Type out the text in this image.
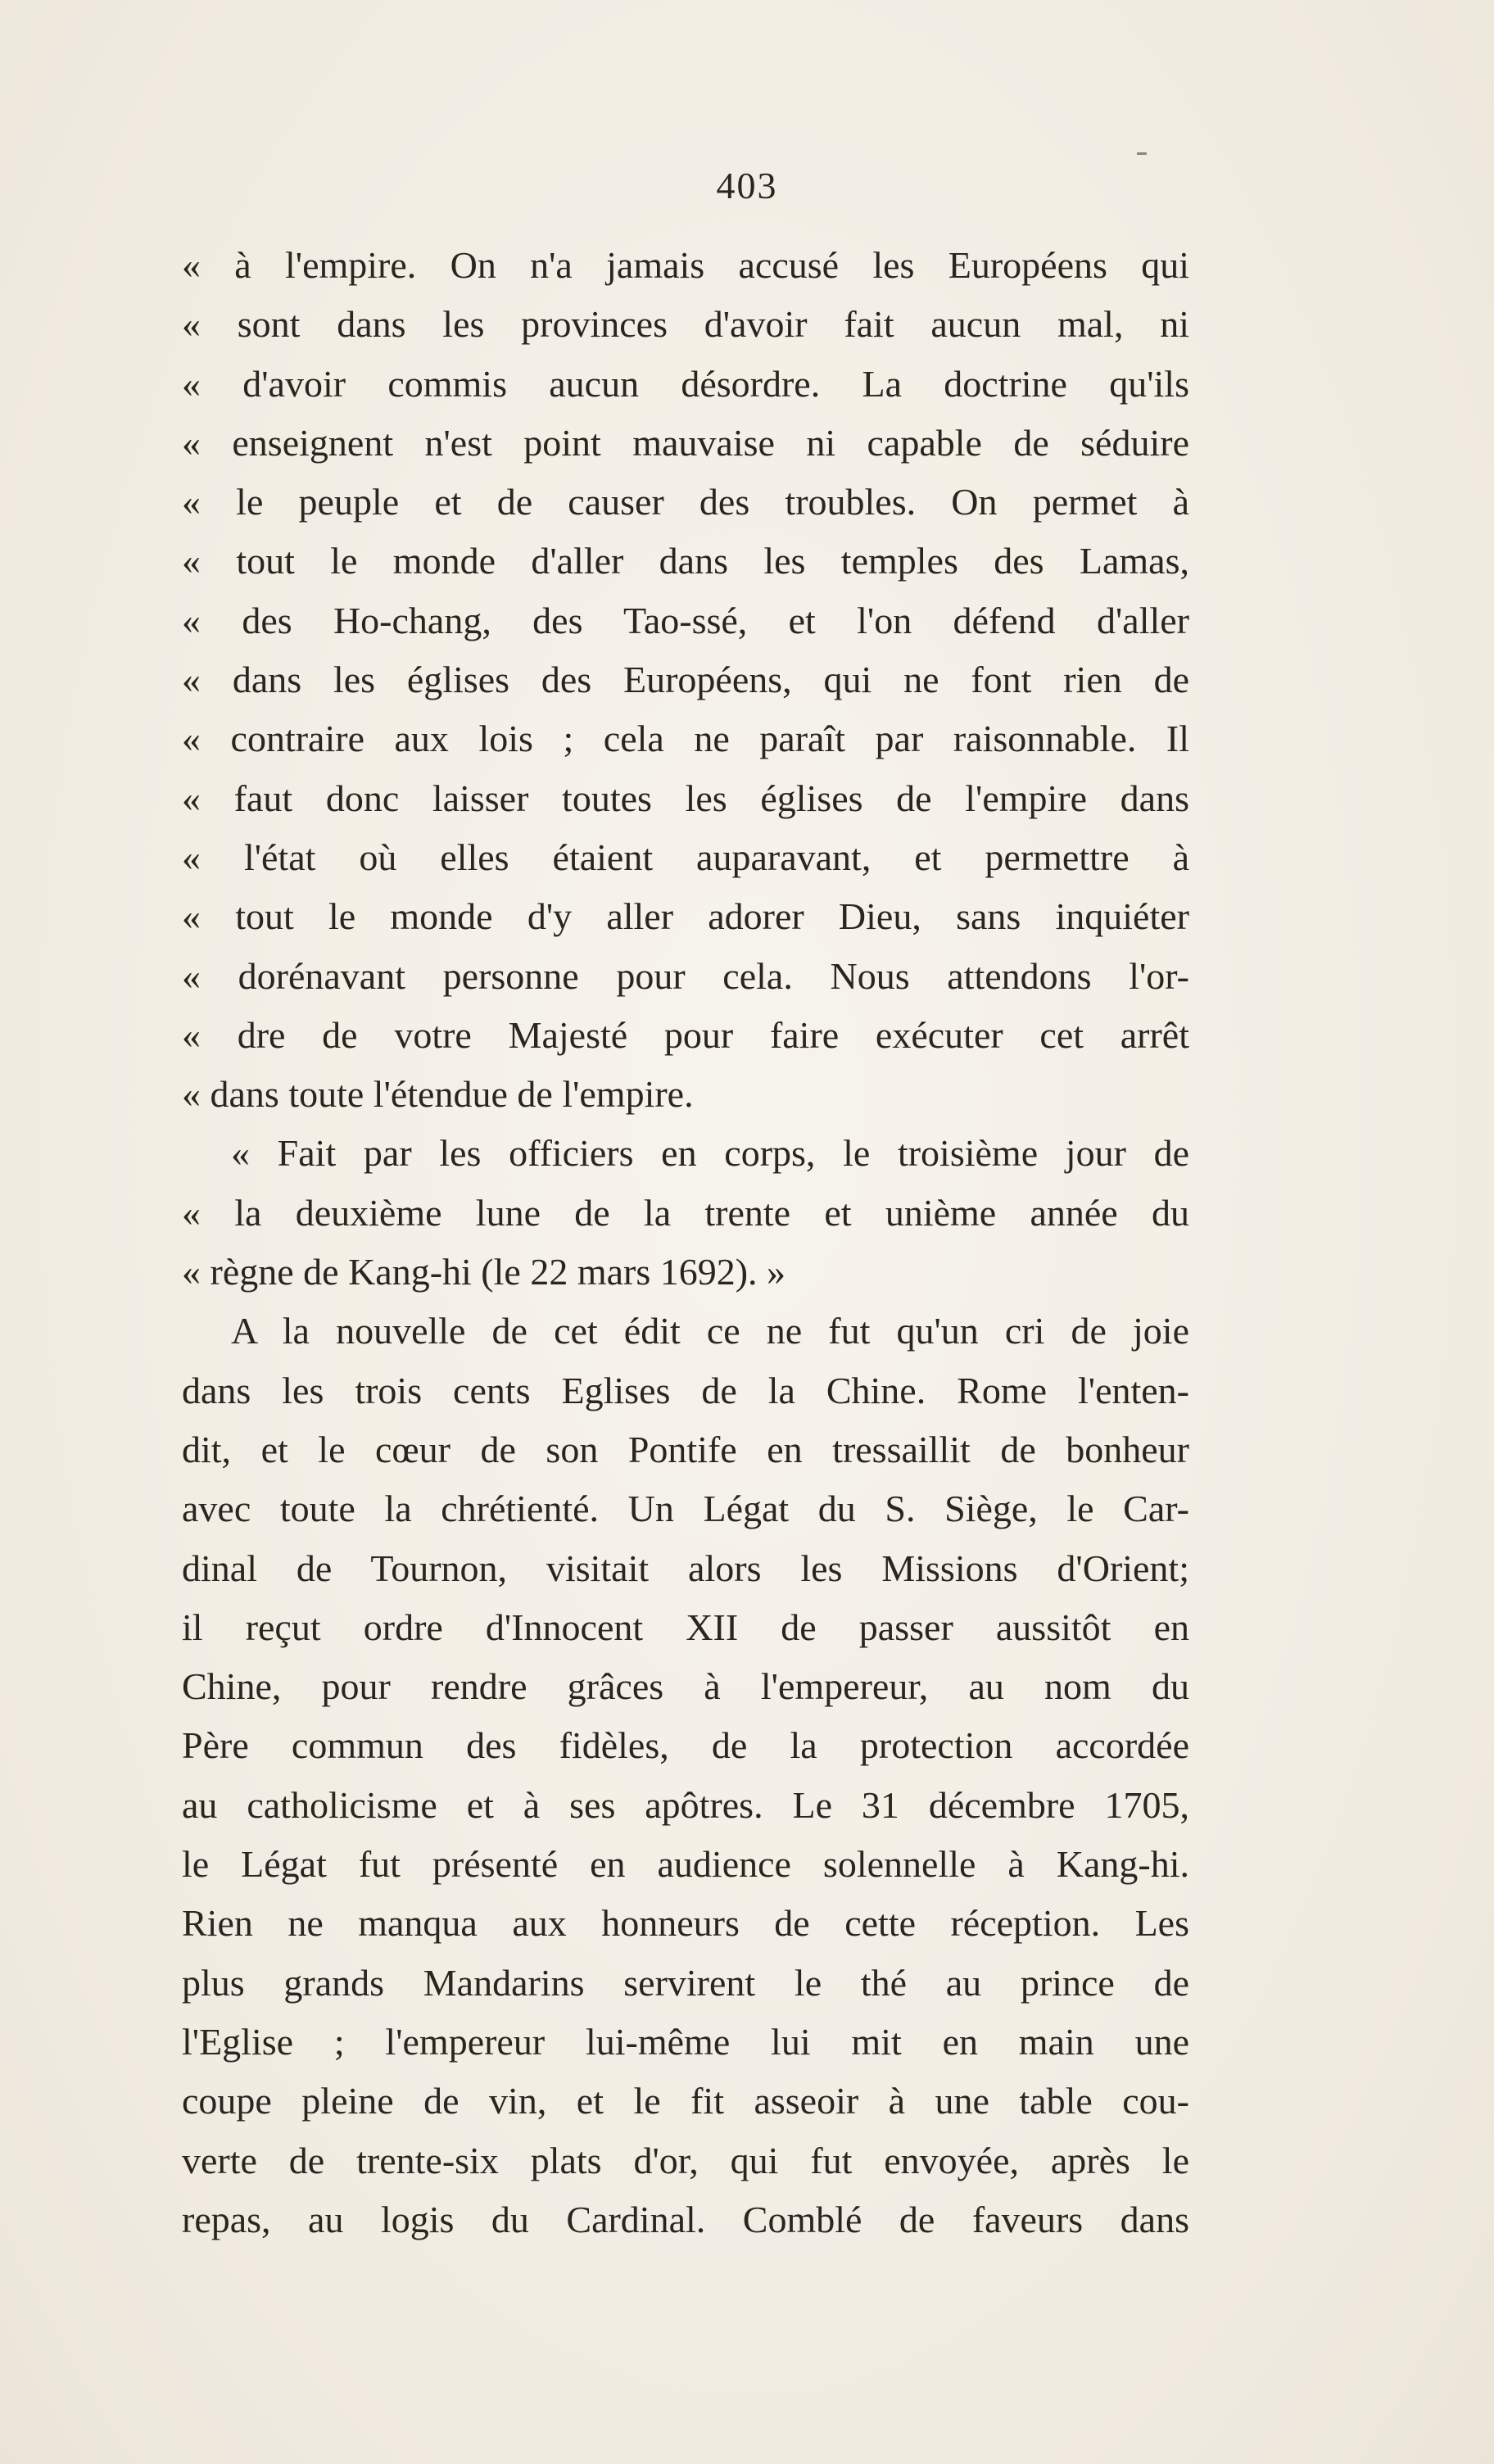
403
« à l'empire. On n'a jamais accusé les Européens qui
« sont dans les provinces d'avoir fait aucun mal, ni
« d'avoir commis aucun désordre. La doctrine qu'ils
« enseignent n'est point mauvaise ni capable de séduire
« le peuple et de causer des troubles. On permet à
« tout le monde d'aller dans les temples des Lamas,
« des Ho-chang, des Tao-ssé, et l'on défend d'aller
« dans les églises des Européens, qui ne font rien de
« contraire aux lois ; cela ne paraît par raisonnable. Il
« faut donc laisser toutes les églises de l'empire dans
« l'état où elles étaient auparavant, et permettre à
« tout le monde d'y aller adorer Dieu, sans inquiéter
« dorénavant personne pour cela. Nous attendons l'or-
« dre de votre Majesté pour faire exécuter cet arrêt
« dans toute l'étendue de l'empire.
« Fait par les officiers en corps, le troisième jour de
« la deuxième lune de la trente et unième année du
« règne de Kang-hi (le 22 mars 1692). »
A la nouvelle de cet édit ce ne fut qu'un cri de joie
dans les trois cents Eglises de la Chine. Rome l'enten-
dit, et le cœur de son Pontife en tressaillit de bonheur
avec toute la chrétienté. Un Légat du S. Siège, le Car-
dinal de Tournon, visitait alors les Missions d'Orient;
il reçut ordre d'Innocent XII de passer aussitôt en
Chine, pour rendre grâces à l'empereur, au nom du
Père commun des fidèles, de la protection accordée
au catholicisme et à ses apôtres. Le 31 décembre 1705,
le Légat fut présenté en audience solennelle à Kang-hi.
Rien ne manqua aux honneurs de cette réception. Les
plus grands Mandarins servirent le thé au prince de
l'Eglise ; l'empereur lui-même lui mit en main une
coupe pleine de vin, et le fit asseoir à une table cou-
verte de trente-six plats d'or, qui fut envoyée, après le
repas, au logis du Cardinal. Comblé de faveurs dans
